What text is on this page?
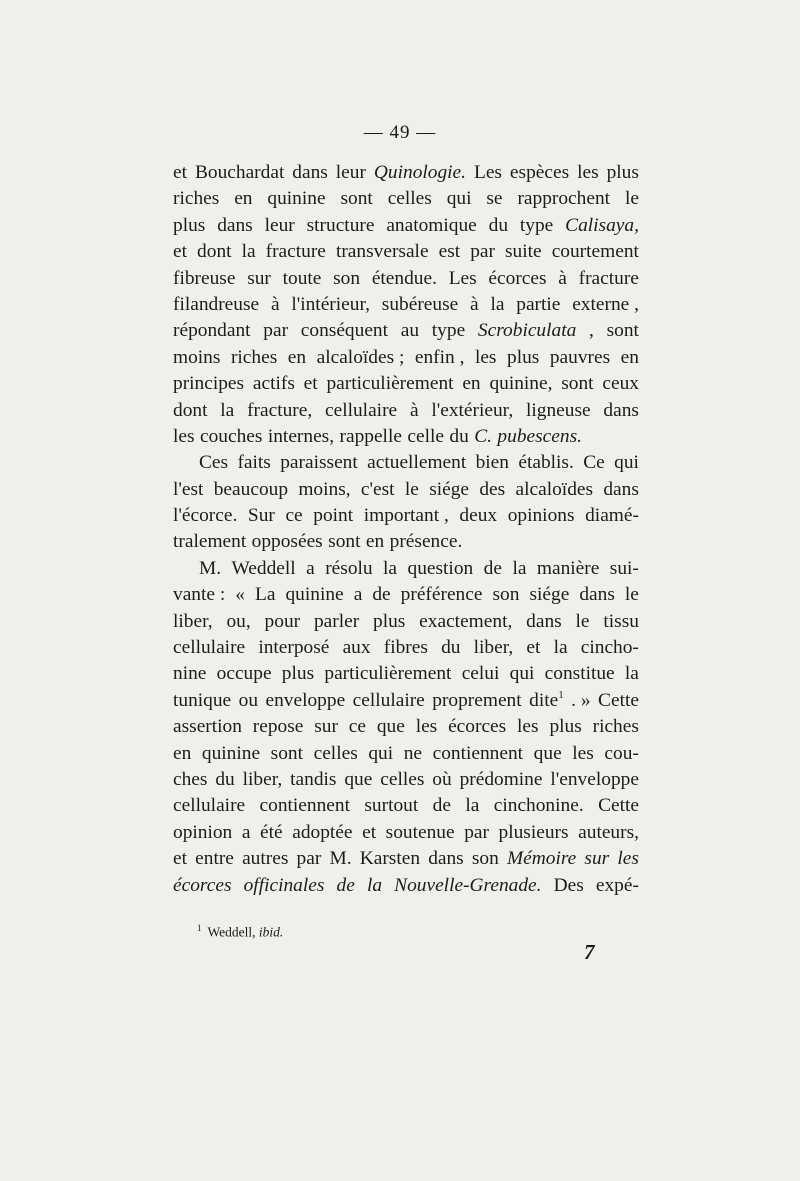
— 49 —
et Bouchardat dans leur Quinologie. Les espèces les plus
riches en quinine sont celles qui se rapprochent le
plus dans leur structure anatomique du type Calisaya,
et dont la fracture transversale est par suite courtement
fibreuse sur toute son étendue. Les écorces à fracture
filandreuse à l'intérieur, subéreuse à la partie externe ,
répondant par conséquent au type Scrobiculata , sont
moins riches en alcaloïdes ; enfin , les plus pauvres en
principes actifs et particulièrement en quinine, sont ceux
dont la fracture, cellulaire à l'extérieur, ligneuse dans
les couches internes, rappelle celle du C. pubescens.
Ces faits paraissent actuellement bien établis. Ce qui
l'est beaucoup moins, c'est le siége des alcaloïdes dans
l'écorce. Sur ce point important , deux opinions diamé-
tralement opposées sont en présence.
M. Weddell a résolu la question de la manière sui-
vante : « La quinine a de préférence son siége dans le
liber, ou, pour parler plus exactement, dans le tissu
cellulaire interposé aux fibres du liber, et la cincho-
nine occupe plus particulièrement celui qui constitue la
tunique ou enveloppe cellulaire proprement dite1 . » Cette
assertion repose sur ce que les écorces les plus riches
en quinine sont celles qui ne contiennent que les cou-
ches du liber, tandis que celles où prédomine l'enveloppe
cellulaire contiennent surtout de la cinchonine. Cette
opinion a été adoptée et soutenue par plusieurs auteurs,
et entre autres par M. Karsten dans son Mémoire sur les
écorces officinales de la Nouvelle-Grenade. Des expé-
$^1$ Weddell, ibid.
7
